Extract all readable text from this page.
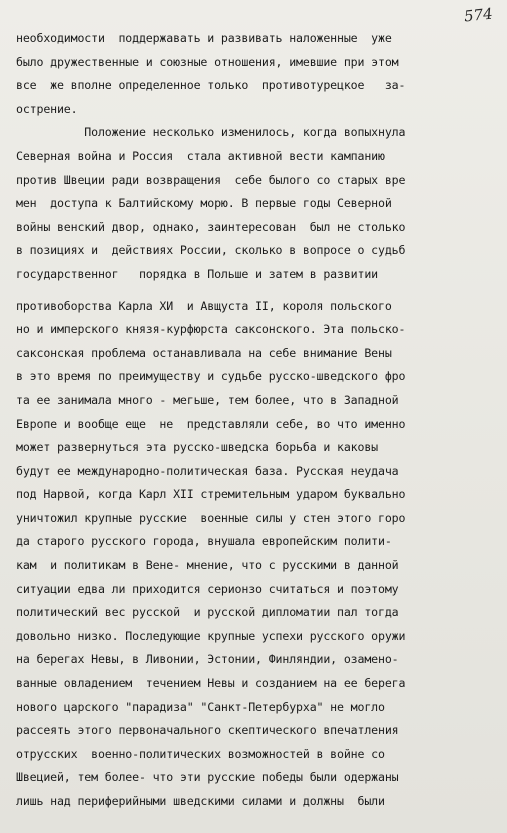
574
необходимости  поддержавать и развивать наложенные  уже
было дружественные и союзные отношения, имевшие при этом
все  же вполне определенное только  противотурецкое   за-
острение.
Положение несколько изменилось, когда вопыхнула
Северная война и Россия  стала активной вести кампанию
против Швеции ради возвращения  себе былого со старых вре
мен  доступа к Балтийскому морю. В первые годы Северной
войны венский двор, однако, заинтересован  был не столько
в позициях и  действиях России, сколько в вопросе о судьб
государственног   порядка в Польше и затем в развитии
противоборства Карла ХИ  и Авщуста II, короля польского
но и имперского князя-курфюрста саксонского. Эта польско-
саксонская проблема останавливала на себе внимание Вены
в это время по преимуществу и судьбе русско-шведского фро
та ее занимала много - мегьше, тем более, что в Западной
Европе и вообще еще  не  представляли себе, во что именно
может развернуться эта русско-шведска борьба и каковы
будут ее международно-политическая база. Русская неудача
под Нарвой, когда Карл XII стремительным ударом буквально
уничтожил крупные русские  военные силы у стен этого горо
да старого русского города, внушала европейским полити-
кам  и политикам в Вене- мнение, что с русскими в данной
ситуации едва ли приходится серионзо считаться и поэтому
политический вес русской  и русской дипломатии пал тогда
довольно низко. Последующие крупные успехи русского оружи
на берегах Невы, в Ливонии, Эстонии, Финляндии, озамено-
ванные овладением  течением Невы и созданием на ее берега
нового царского "парадиза" "Санкт-Петербурха" не могло
рассеять этого первоначального скептического впечатления
отрусских  военно-политических возможностей в войне со
Швецией, тем более- что эти русские победы были одержаны
лишь над периферийными шведскими силами и должны  были
